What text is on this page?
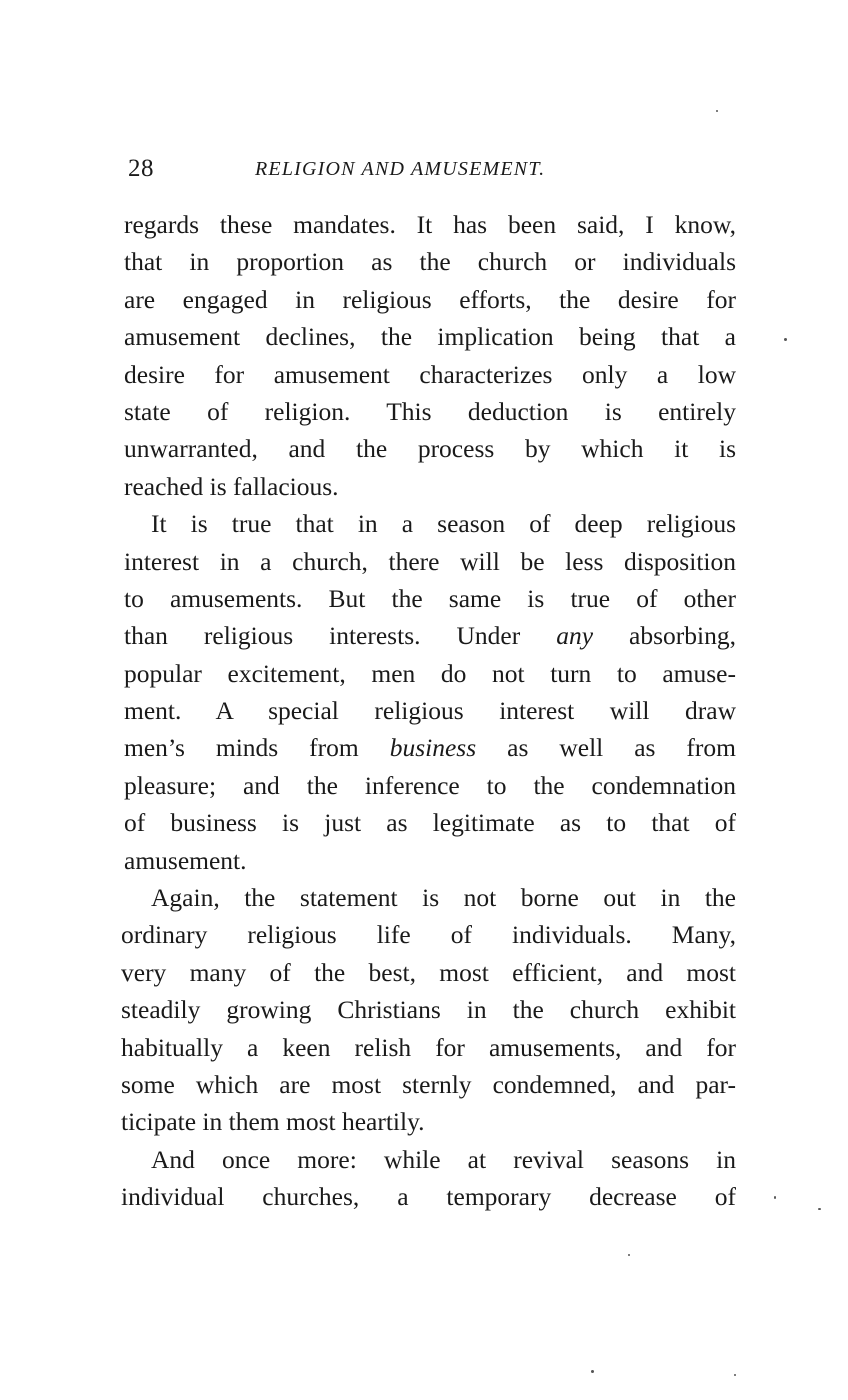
28	RELIGION AND AMUSEMENT.
regards these mandates. It has been said, I know,
that in proportion as the church or individuals
are engaged in religious efforts, the desire for
amusement declines, the implication being that a
desire for amusement characterizes only a low
state of religion. This deduction is entirely
unwarranted, and the process by which it is
reached is fallacious.
It is true that in a season of deep religious
interest in a church, there will be less disposition
to amusements. But the same is true of other
than religious interests. Under any absorbing,
popular excitement, men do not turn to amuse-
ment. A special religious interest will draw
men’s minds from business as well as from
pleasure; and the inference to the condemnation
of business is just as legitimate as to that of
amusement.
Again, the statement is not borne out in the
ordinary religious life of individuals. Many,
very many of the best, most efficient, and most
steadily growing Christians in the church exhibit
habitually a keen relish for amusements, and for
some which are most sternly condemned, and par-
ticipate in them most heartily.
And once more: while at revival seasons in
individual churches, a temporary decrease of
